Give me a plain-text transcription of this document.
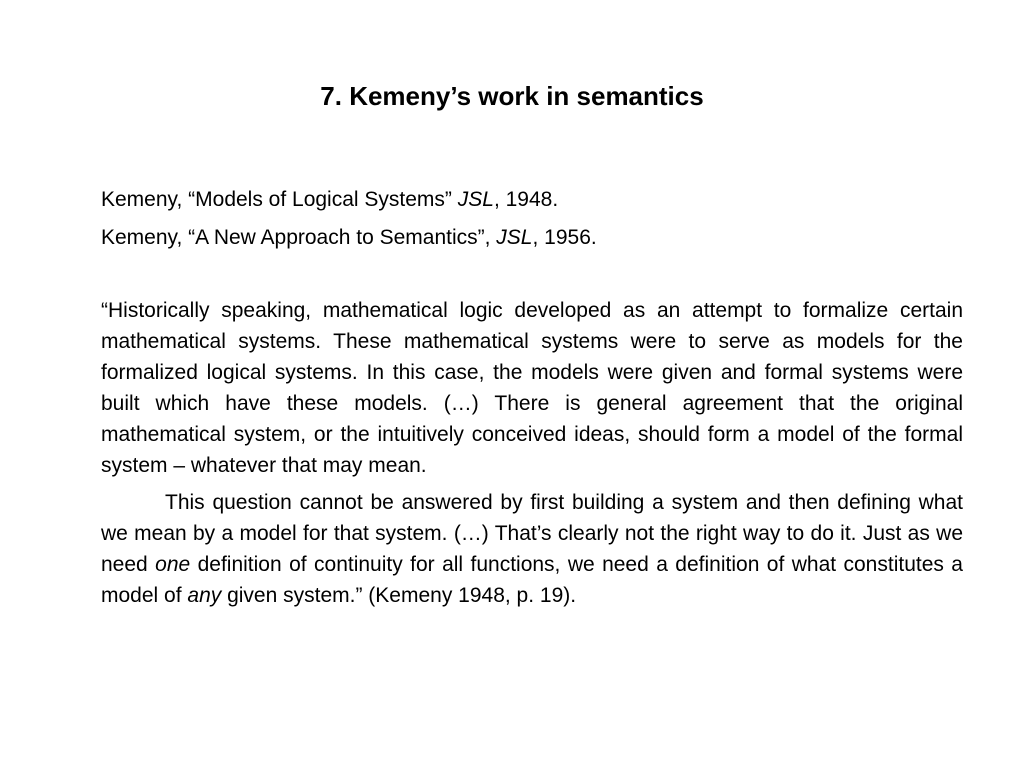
7. Kemeny’s work in semantics
Kemeny, “Models of Logical Systems” JSL, 1948.
Kemeny, “A New Approach to Semantics”, JSL, 1956.

“Historically speaking, mathematical logic developed as an attempt to formalize certain mathematical systems. These mathematical systems were to serve as models for the formalized logical systems. In this case, the models were given and formal systems were built which have these models. (…) There is general agreement that the original mathematical system, or the intuitively conceived ideas, should form a model of the formal system – whatever that may mean.

This question cannot be answered by first building a system and then defining what we mean by a model for that system. (…) That’s clearly not the right way to do it. Just as we need one definition of continuity for all functions, we need a definition of what constitutes a model of any given system.” (Kemeny 1948, p. 19).
